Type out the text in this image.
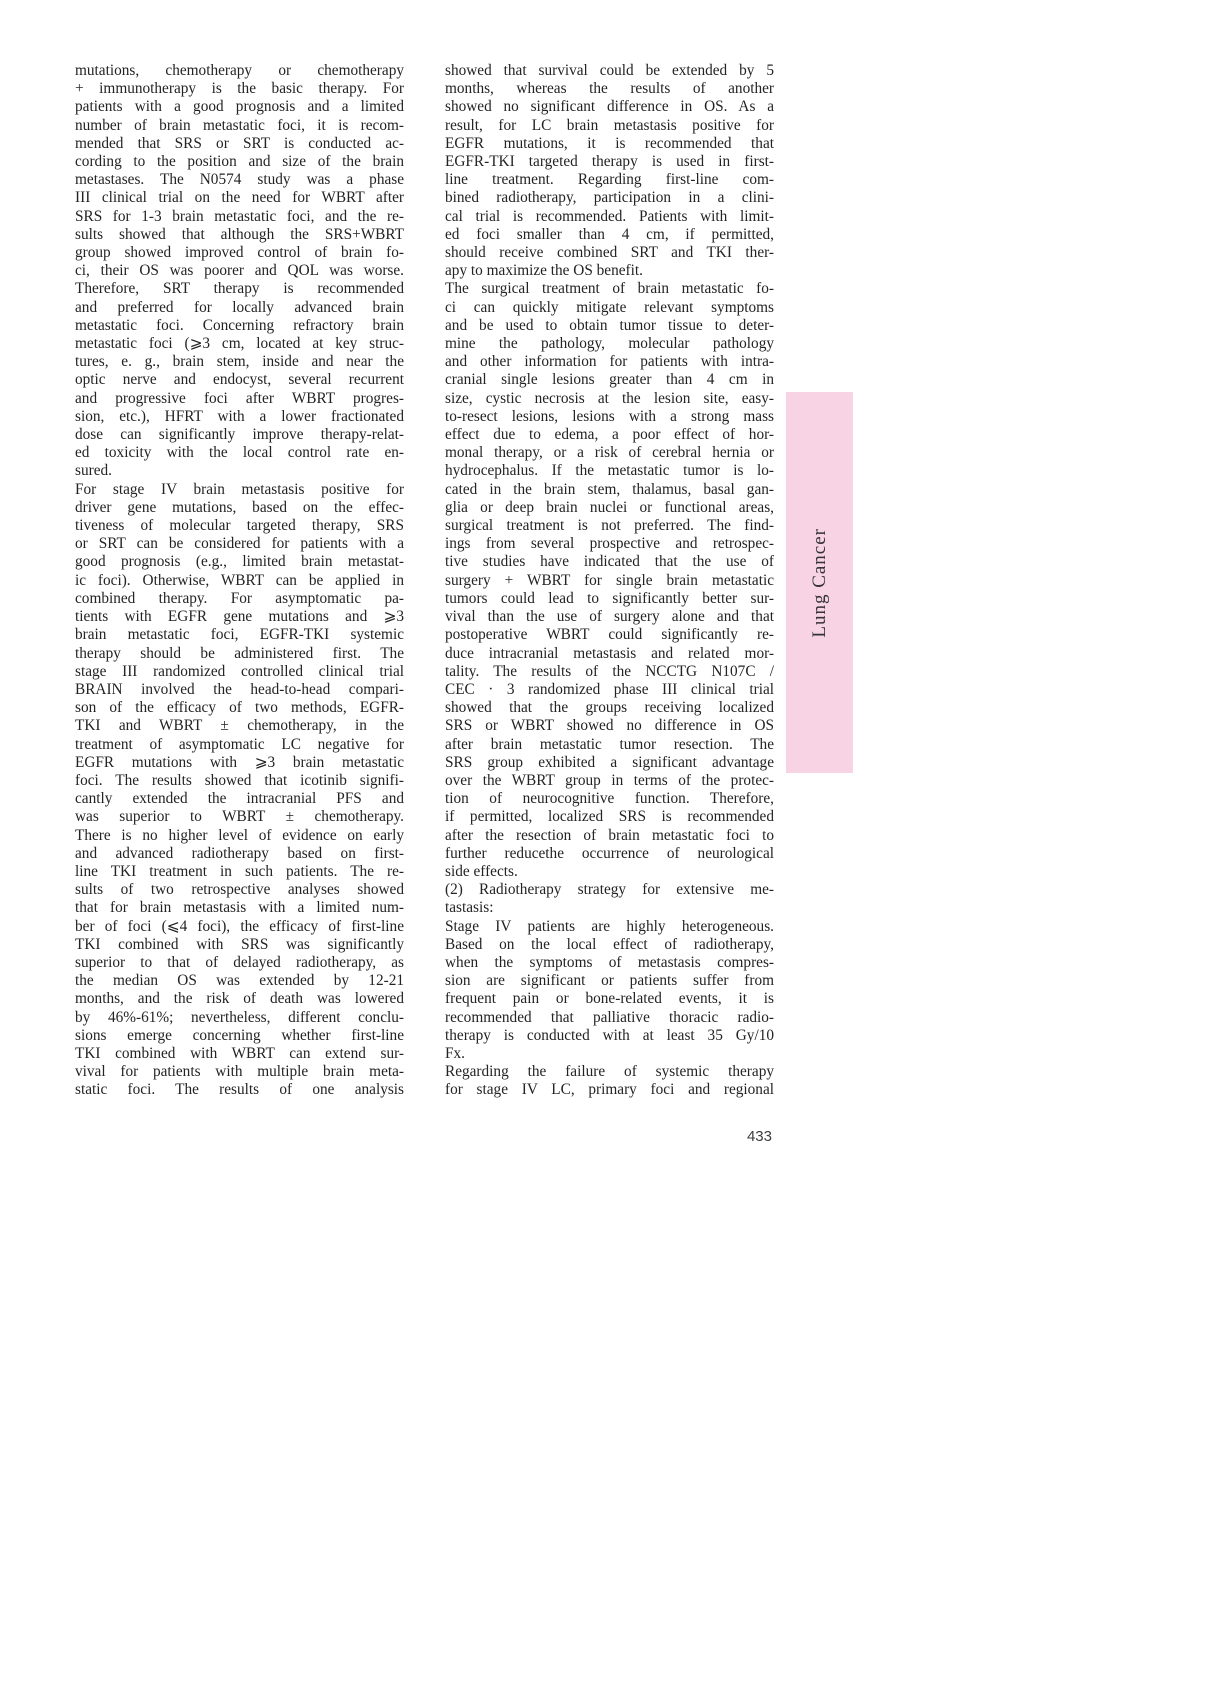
mutations, chemotherapy or chemotherapy
+ immunotherapy is the basic therapy. For
patients with a good prognosis and a limited
number of brain metastatic foci, it is recom-
mended that SRS or SRT is conducted ac-
cording to the position and size of the brain
metastases. The N0574 study was a phase
III clinical trial on the need for WBRT after
SRS for 1-3 brain metastatic foci, and the re-
sults showed that although the SRS+WBRT
group showed improved control of brain fo-
ci, their OS was poorer and QOL was worse.
Therefore, SRT therapy is recommended
and preferred for locally advanced brain
metastatic foci. Concerning refractory brain
metastatic foci (⩾3 cm, located at key struc-
tures, e. g., brain stem, inside and near the
optic nerve and endocyst, several recurrent
and progressive foci after WBRT progres-
sion, etc.), HFRT with a lower fractionated
dose can significantly improve therapy-relat-
ed toxicity with the local control rate en-
sured.
For stage IV brain metastasis positive for
driver gene mutations, based on the effec-
tiveness of molecular targeted therapy, SRS
or SRT can be considered for patients with a
good prognosis (e.g., limited brain metastat-
ic foci). Otherwise, WBRT can be applied in
combined therapy. For asymptomatic pa-
tients with EGFR gene mutations and ⩾3
brain metastatic foci, EGFR-TKI systemic
therapy should be administered first. The
stage III randomized controlled clinical trial
BRAIN involved the head-to-head compari-
son of the efficacy of two methods, EGFR-
TKI and WBRT ± chemotherapy, in the
treatment of asymptomatic LC negative for
EGFR mutations with ⩾3 brain metastatic
foci. The results showed that icotinib signifi-
cantly extended the intracranial PFS and
was superior to WBRT ± chemotherapy.
There is no higher level of evidence on early
and advanced radiotherapy based on first-
line TKI treatment in such patients. The re-
sults of two retrospective analyses showed
that for brain metastasis with a limited num-
ber of foci (⩽4 foci), the efficacy of first-line
TKI combined with SRS was significantly
superior to that of delayed radiotherapy, as
the median OS was extended by 12-21
months, and the risk of death was lowered
by 46%-61%; nevertheless, different conclu-
sions emerge concerning whether first-line
TKI combined with WBRT can extend sur-
vival for patients with multiple brain meta-
static foci. The results of one analysis
showed that survival could be extended by 5
months, whereas the results of another
showed no significant difference in OS. As a
result, for LC brain metastasis positive for
EGFR mutations, it is recommended that
EGFR-TKI targeted therapy is used in first-
line treatment. Regarding first-line com-
bined radiotherapy, participation in a clini-
cal trial is recommended. Patients with limit-
ed foci smaller than 4 cm, if permitted,
should receive combined SRT and TKI ther-
apy to maximize the OS benefit.
The surgical treatment of brain metastatic fo-
ci can quickly mitigate relevant symptoms
and be used to obtain tumor tissue to deter-
mine the pathology, molecular pathology
and other information for patients with intra-
cranial single lesions greater than 4 cm in
size, cystic necrosis at the lesion site, easy-
to-resect lesions, lesions with a strong mass
effect due to edema, a poor effect of hor-
monal therapy, or a risk of cerebral hernia or
hydrocephalus. If the metastatic tumor is lo-
cated in the brain stem, thalamus, basal gan-
glia or deep brain nuclei or functional areas,
surgical treatment is not preferred. The find-
ings from several prospective and retrospec-
tive studies have indicated that the use of
surgery + WBRT for single brain metastatic
tumors could lead to significantly better sur-
vival than the use of surgery alone and that
postoperative WBRT could significantly re-
duce intracranial metastasis and related mor-
tality. The results of the NCCTG N107C /
CEC · 3 randomized phase III clinical trial
showed that the groups receiving localized
SRS or WBRT showed no difference in OS
after brain metastatic tumor resection. The
SRS group exhibited a significant advantage
over the WBRT group in terms of the protec-
tion of neurocognitive function. Therefore,
if permitted, localized SRS is recommended
after the resection of brain metastatic foci to
further reducethe occurrence of neurological
side effects.
(2) Radiotherapy strategy for extensive me-
tastasis:
Stage IV patients are highly heterogeneous.
Based on the local effect of radiotherapy,
when the symptoms of metastasis compres-
sion are significant or patients suffer from
frequent pain or bone-related events, it is
recommended that palliative thoracic radio-
therapy is conducted with at least 35 Gy/10
Fx.
Regarding the failure of systemic therapy
for stage IV LC, primary foci and regional
Lung Cancer
433
